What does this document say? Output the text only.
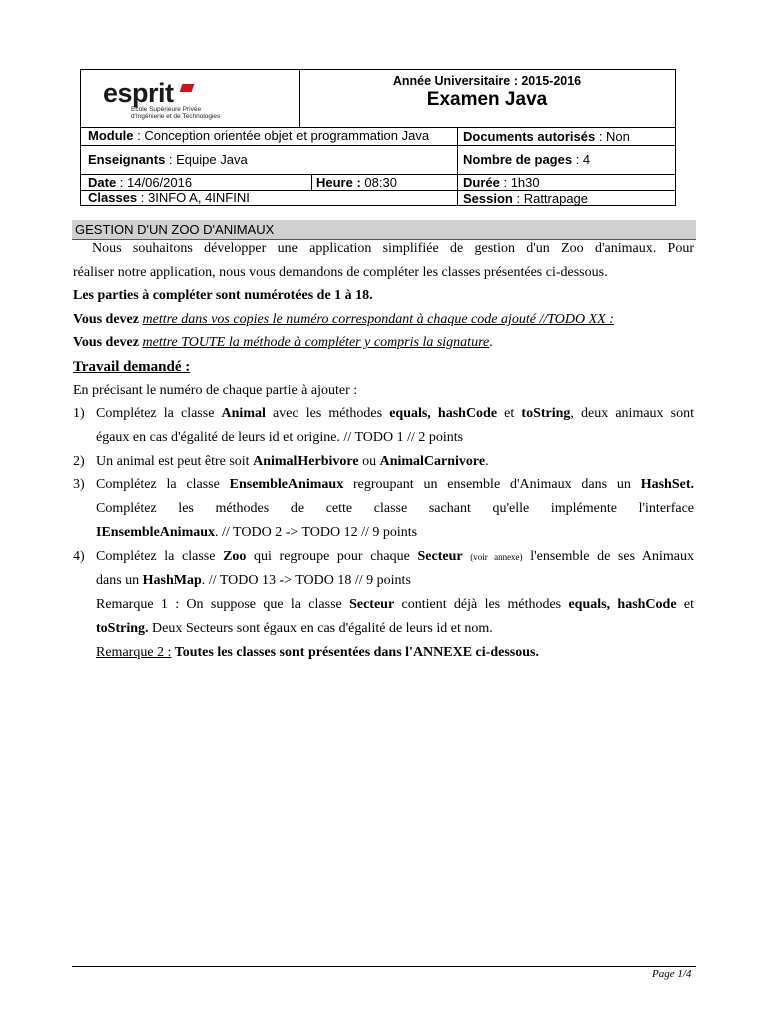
esprit
Ecole Supérieure Privée
d'Ingénierie et de Technologies
Année Universitaire : 2015-2016
Examen Java
Module : Conception orientée objet et programmation Java	Documents autorisés : Non
Enseignants : Equipe Java	Nombre de pages : 4
Date : 14/06/2016	Heure : 08:30	Durée : 1h30
Classes : 3INFO A, 4INFINI	Session : Rattrapage
GESTION D'UN ZOO D'ANIMAUX
Nous souhaitons développer une application simplifiée de gestion d'un Zoo d'animaux. Pour
réaliser notre application, nous vous demandons de compléter les classes présentées ci-dessous.
Les parties à compléter sont numérotées de 1 à 18.
Vous devez mettre dans vos copies le numéro correspondant à chaque code ajouté //TODO XX :
Vous devez mettre TOUTE la méthode à compléter y compris la signature.
Travail demandé :
En précisant le numéro de chaque partie à ajouter :
1) Complétez la classe Animal avec les méthodes equals, hashCode et toString, deux animaux sont
égaux en cas d'égalité de leurs id et origine. // TODO 1 // 2 points
2) Un animal est peut être soit AnimalHerbivore ou AnimalCarnivore.
3) Complétez la classe EnsembleAnimaux regroupant un ensemble d'Animaux dans un HashSet.
Complétez les méthodes de cette classe sachant qu'elle implémente l'interface
IEnsembleAnimaux. // TODO 2 -> TODO 12 // 9 points
4) Complétez la classe Zoo qui regroupe pour chaque Secteur (voir annexe) l'ensemble de ses Animaux
dans un HashMap. // TODO 13 -> TODO 18 // 9 points
Remarque 1 : On suppose que la classe Secteur contient déjà les méthodes equals, hashCode et
toString. Deux Secteurs sont égaux en cas d'égalité de leurs id et nom.
Remarque 2 : Toutes les classes sont présentées dans l'ANNEXE ci-dessous.
Page 1/4
